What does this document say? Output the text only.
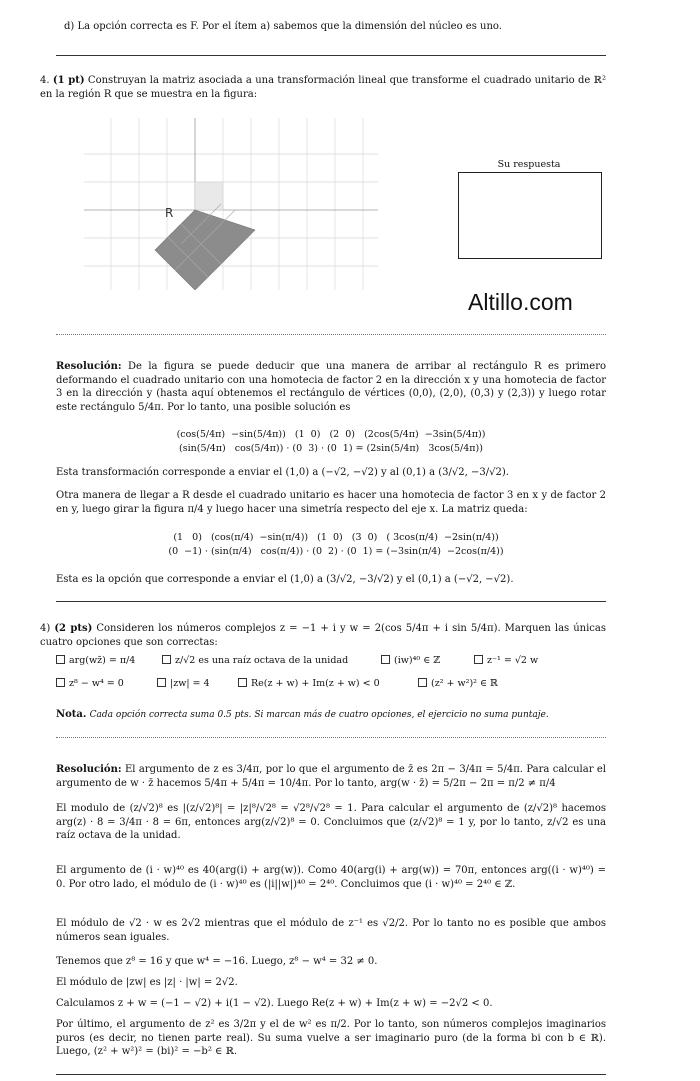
d) La opción correcta es F. Por el ítem a) sabemos que la dimensión del núcleo es uno.
4. (1 pt) Construyan la matriz asociada a una transformación lineal que transforme el cuadrado unitario de ℝ² en la región R que se muestra en la figura:
R
Su respuesta
Altillo.com
Resolución: De la figura se puede deducir que una manera de arribar al rectángulo R es primero deformando el cuadrado unitario con una homotecia de factor 2 en la dirección x y una homotecia de factor 3 en la dirección y (hasta aquí obtenemos el rectángulo de vértices (0,0), (2,0), (0,3) y (2,3)) y luego rotar este rectángulo 5/4π. Por lo tanto, una posible solución es
(cos(5/4π)  −sin(5/4π))   (1  0)   (2  0)   (2cos(5/4π)  −3sin(5/4π))
(sin(5/4π)   cos(5/4π)) · (0  3) · (0  1) = (2sin(5/4π)   3cos(5/4π))
Esta transformación corresponde a enviar el (1,0) a (−√2, −√2) y al (0,1) a (3/√2, −3/√2).
Otra manera de llegar a R desde el cuadrado unitario es hacer una homotecia de factor 3 en x y de factor 2 en y, luego girar la figura π/4 y luego hacer una simetría respecto del eje x. La matriz queda:
(1   0)   (cos(π/4)  −sin(π/4))   (1  0)   (3  0)   ( 3cos(π/4)  −2sin(π/4))
(0  −1) · (sin(π/4)   cos(π/4)) · (0  2) · (0  1) = (−3sin(π/4)  −2cos(π/4))
Esta es la opción que corresponde a enviar el (1,0) a (3/√2, −3/√2) y el (0,1) a (−√2, −√2).
4) (2 pts) Consideren los números complejos z = −1 + i y w = 2(cos 5/4π + i sin 5/4π). Marquen las únicas cuatro opciones que son correctas:
arg(wz̄) = π/4	z/√2 es una raíz octava de la unidad	(iw)⁴⁰ ∈ ℤ	z⁻¹ = √2 w
z⁸ − w⁴ = 0	|zw| = 4	Re(z + w) + Im(z + w) < 0	(z² + w²)² ∈ ℝ
Nota. Cada opción correcta suma 0.5 pts. Si marcan más de cuatro opciones, el ejercicio no suma puntaje.
Resolución: El argumento de z es 3/4π, por lo que el argumento de z̄ es 2π − 3/4π = 5/4π. Para calcular el argumento de w · z̄ hacemos 5/4π + 5/4π = 10/4π. Por lo tanto, arg(w · z̄) = 5/2π − 2π = π/2 ≠ π/4
El modulo de (z/√2)⁸ es |(z/√2)⁸| = |z|⁸/√2⁸ = √2⁸/√2⁸ = 1. Para calcular el argumento de (z/√2)⁸ hacemos arg(z) · 8 = 3/4π · 8 = 6π, entonces arg(z/√2)⁸ = 0. Concluimos que (z/√2)⁸ = 1 y, por lo tanto, z/√2 es una raíz octava de la unidad.
El argumento de (i · w)⁴⁰ es 40(arg(i) + arg(w)). Como 40(arg(i) + arg(w)) = 70π, entonces arg((i · w)⁴⁰) = 0. Por otro lado, el módulo de (i · w)⁴⁰ es (|i||w|)⁴⁰ = 2⁴⁰. Concluimos que (i · w)⁴⁰ = 2⁴⁰ ∈ ℤ.
El módulo de √2 · w es 2√2 mientras que el módulo de z⁻¹ es √2/2. Por lo tanto no es posible que ambos números sean iguales.
Tenemos que z⁸ = 16 y que w⁴ = −16. Luego, z⁸ − w⁴ = 32 ≠ 0.
El módulo de |zw| es |z| · |w| = 2√2.
Calculamos z + w = (−1 − √2) + i(1 − √2). Luego Re(z + w) + Im(z + w) = −2√2 < 0.
Por último, el argumento de z² es 3/2π y el de w² es π/2. Por lo tanto, son números complejos imaginarios puros (es decir, no tienen parte real). Su suma vuelve a ser imaginario puro (de la forma bi con b ∈ ℝ). Luego, (z² + w²)² = (bi)² = −b² ∈ ℝ.
